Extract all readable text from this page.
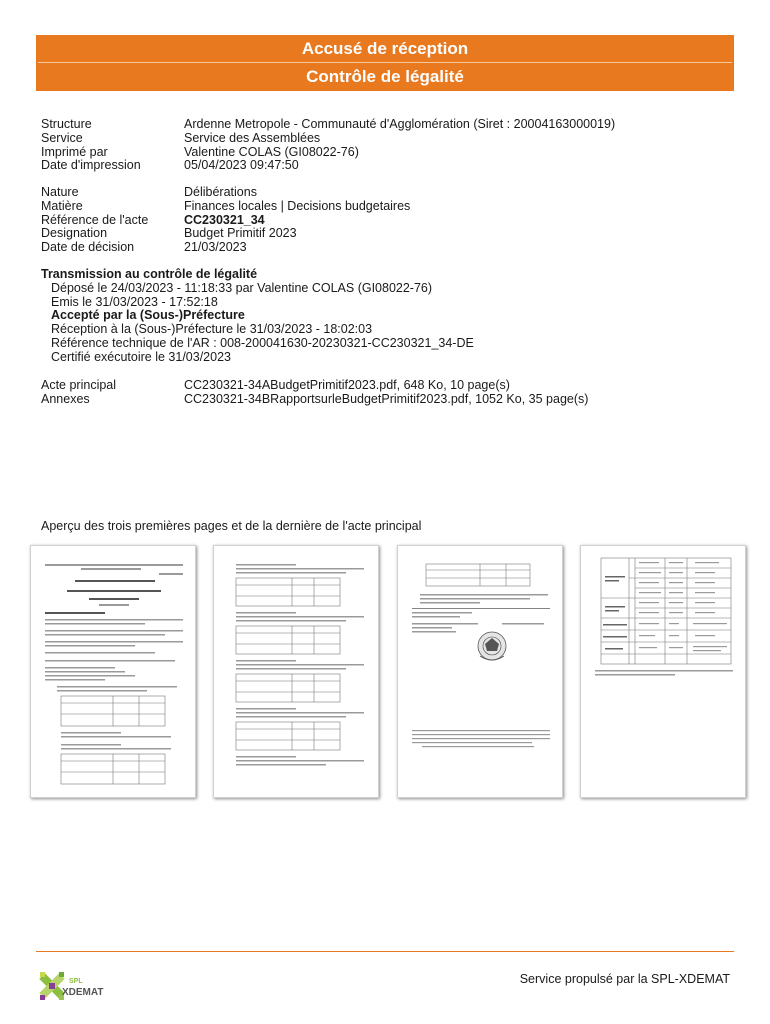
Accusé de réception
Contrôle de légalité
Structure	Ardenne Metropole - Communauté d'Agglomération (Siret : 20004163000019)
Service	Service des Assemblées
Imprimé par	Valentine COLAS (GI08022-76)
Date d'impression	05/04/2023 09:47:50
Nature	Délibérations
Matière	Finances locales | Decisions budgetaires
Référence de l'acte	CC230321_34
Designation	Budget Primitif 2023
Date de décision	21/03/2023
Transmission au contrôle de légalité
Déposé le 24/03/2023 - 11:18:33 par Valentine COLAS (GI08022-76)
Emis le 31/03/2023 - 17:52:18
Accepté par la (Sous-)Préfecture
Réception à la (Sous-)Préfecture le 31/03/2023 - 18:02:03
Référence technique de l'AR : 008-200041630-20230321-CC230321_34-DE
Certifié exécutoire le 31/03/2023
Acte principal	CC230321-34ABudgetPrimitif2023.pdf, 648 Ko, 10 page(s)
Annexes	CC230321-34BRapportsurleBudgetPrimitif2023.pdf, 1052 Ko, 35 page(s)
Aperçu des trois premières pages et de la dernière de l'acte principal
SPL
XDEMAT
Service propulsé par la SPL-XDEMAT
